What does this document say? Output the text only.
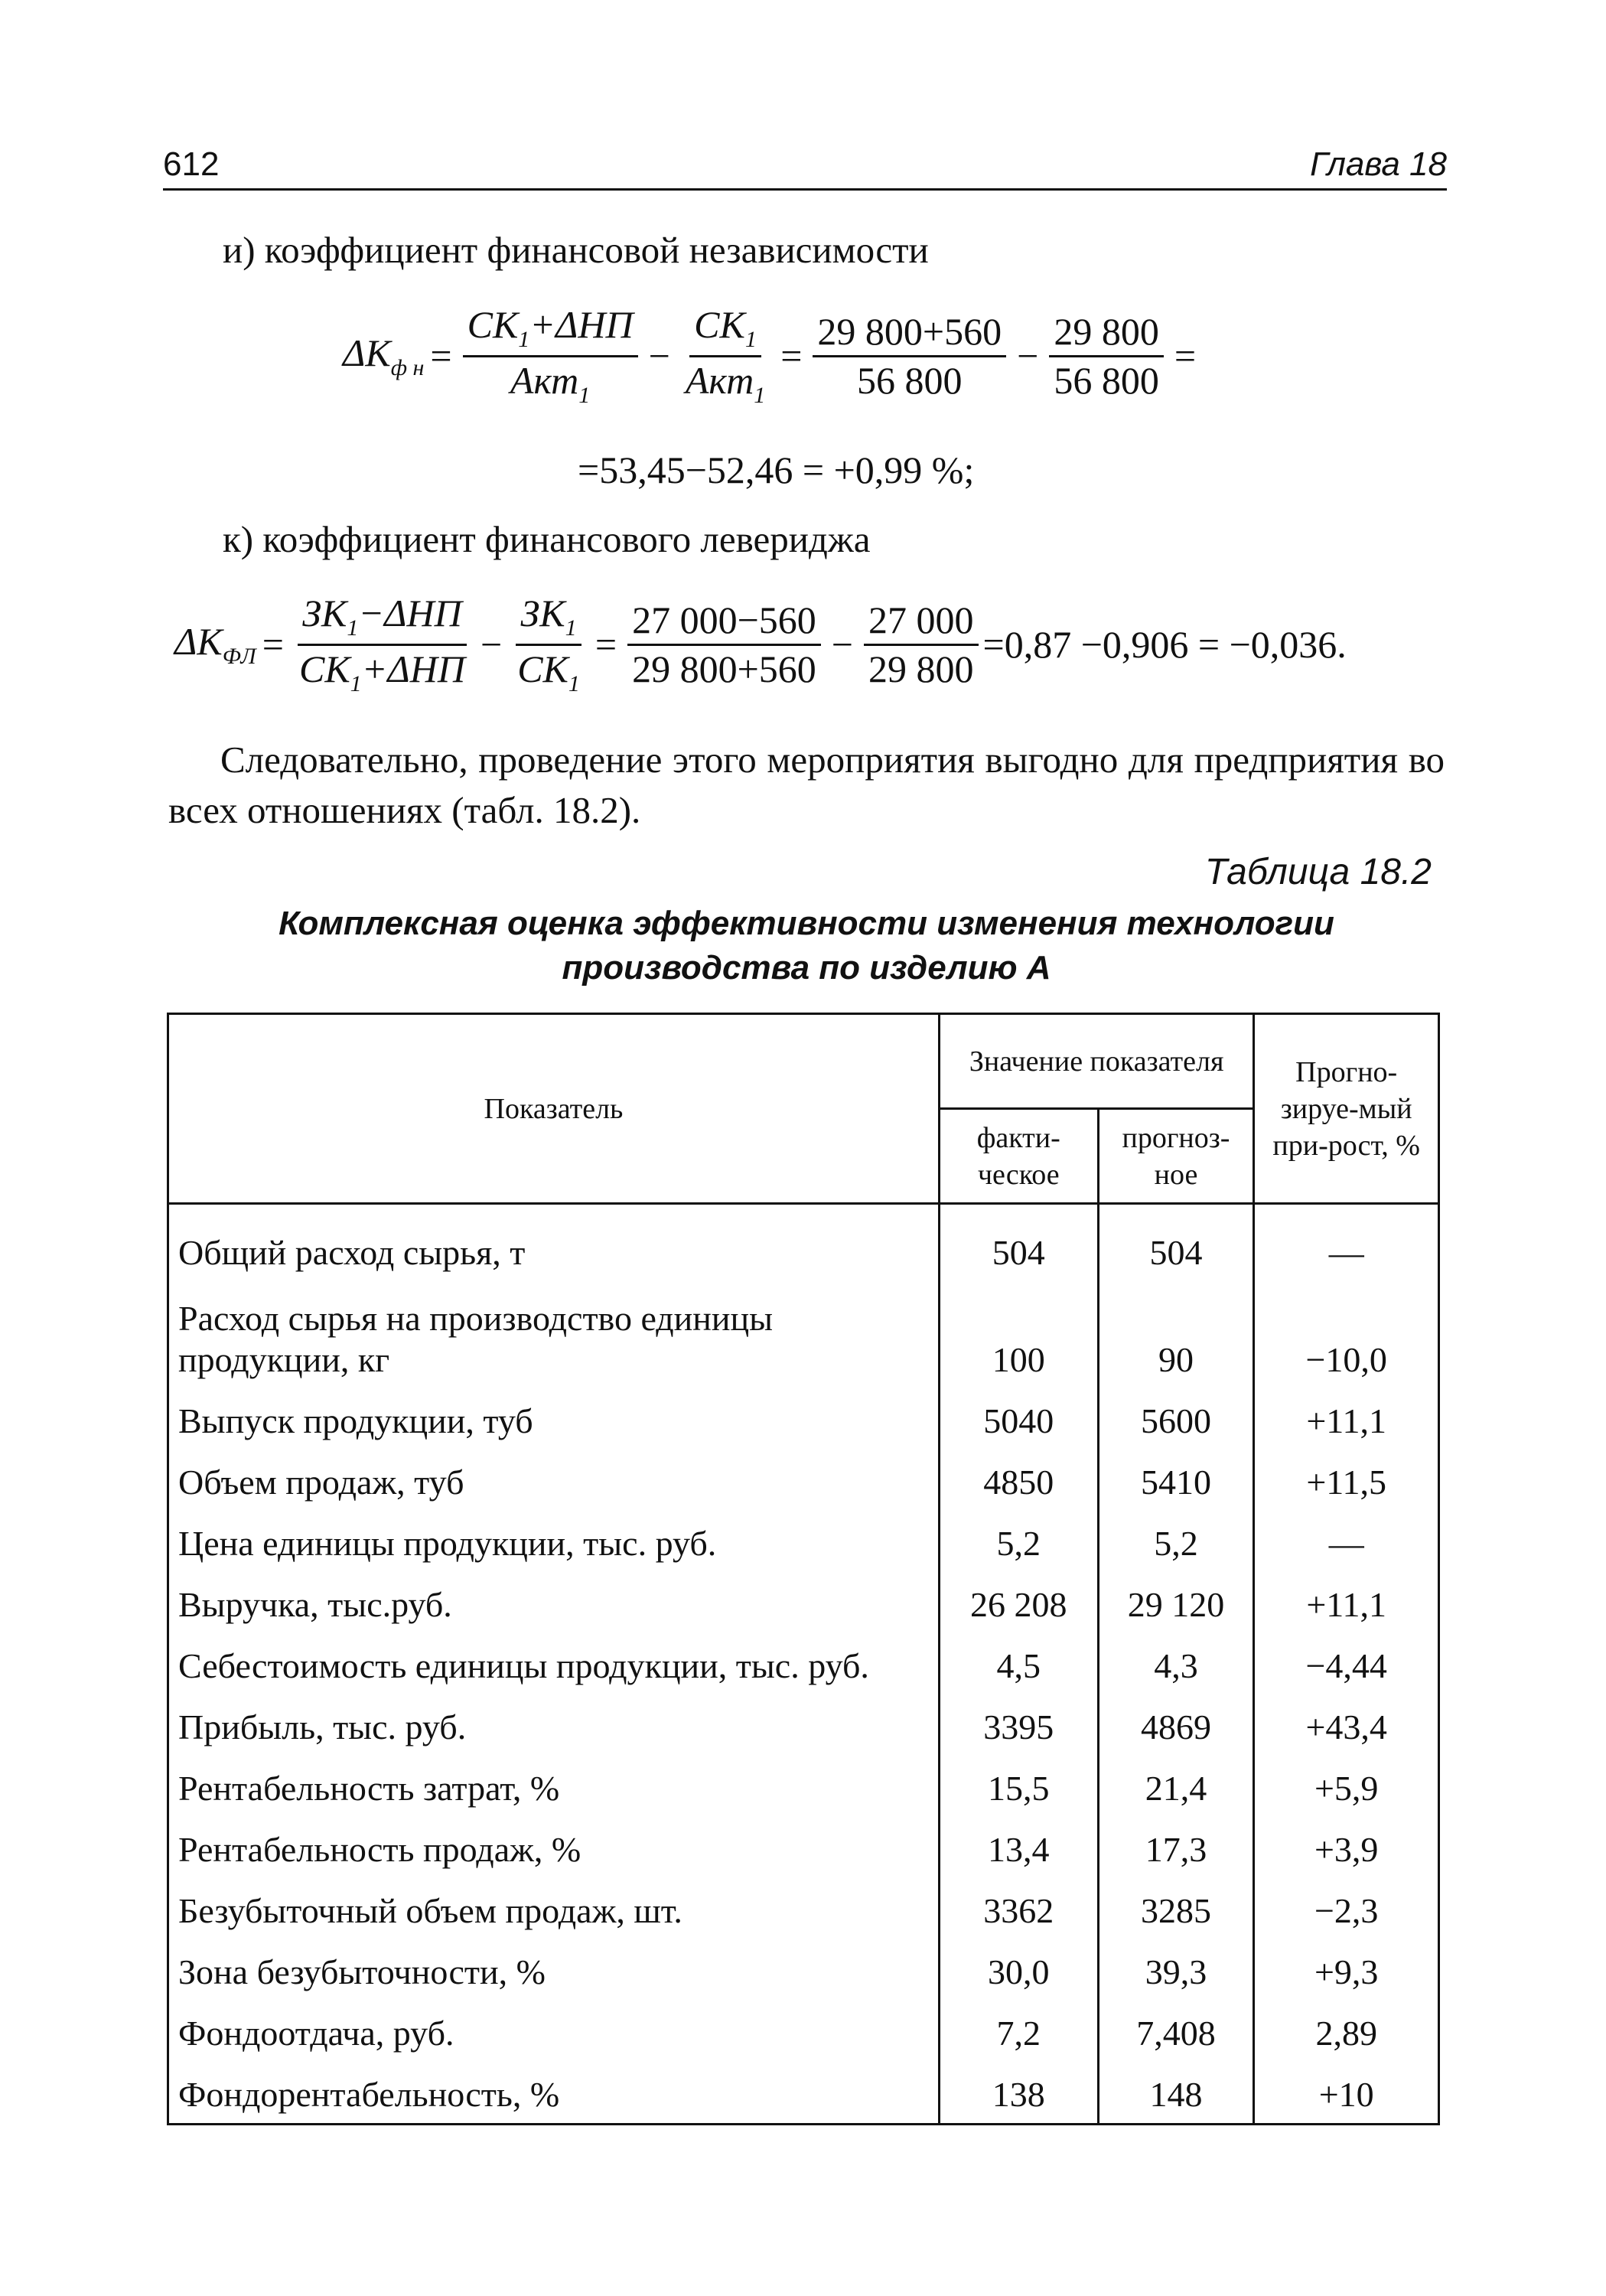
612	Глава 18
и) коэффициент финансовой независимости
$\Delta K_{ф н} = \frac{CK_1+\Delta НП}{Акт_1} - \frac{CK_1}{Акт_1} = \frac{29 800+560}{56 800} - \frac{29 800}{56 800}$ =
=53,45−52,46 = +0,99 %;
к) коэффициент финансового левериджа
$\Delta K_{ФЛ} = \frac{ЗK_1-\Delta НП}{CK_1+\Delta НП} - \frac{ЗK_1}{CK_1} = \frac{27 000-560}{29 800+560} - \frac{27 000}{29 800} =0,87 -0,906 = -0,036$.
Следовательно, проведение этого мероприятия выгодно для предприятия во всех отношениях (табл. 18.2).
Таблица 18.2
Комплексная оценка эффективности изменения технологии производства по изделию А
Показатель	Значение показателя		Прогно-зируе-мый при-рост, %
	факти-ческое	прогноз-ное	
Общий расход сырья, т	504	504	—
Расход сырья на производство единицы продукции, кг	100	90	−10,0
Выпуск продукции, туб	5040	5600	+11,1
Объем продаж, туб	4850	5410	+11,5
Цена единицы продукции, тыс. руб.	5,2	5,2	—
Выручка, тыс.руб.	26 208	29 120	+11,1
Себестоимость единицы продукции, тыс. руб.	4,5	4,3	−4,44
Прибыль, тыс. руб.	3395	4869	+43,4
Рентабельность затрат, %	15,5	21,4	+5,9
Рентабельность продаж, %	13,4	17,3	+3,9
Безубыточный объем продаж, шт.	3362	3285	−2,3
Зона безубыточности, %	30,0	39,3	+9,3
Фондоотдача, руб.	7,2	7,408	2,89
Фондорентабельность, %	138	148	+10
